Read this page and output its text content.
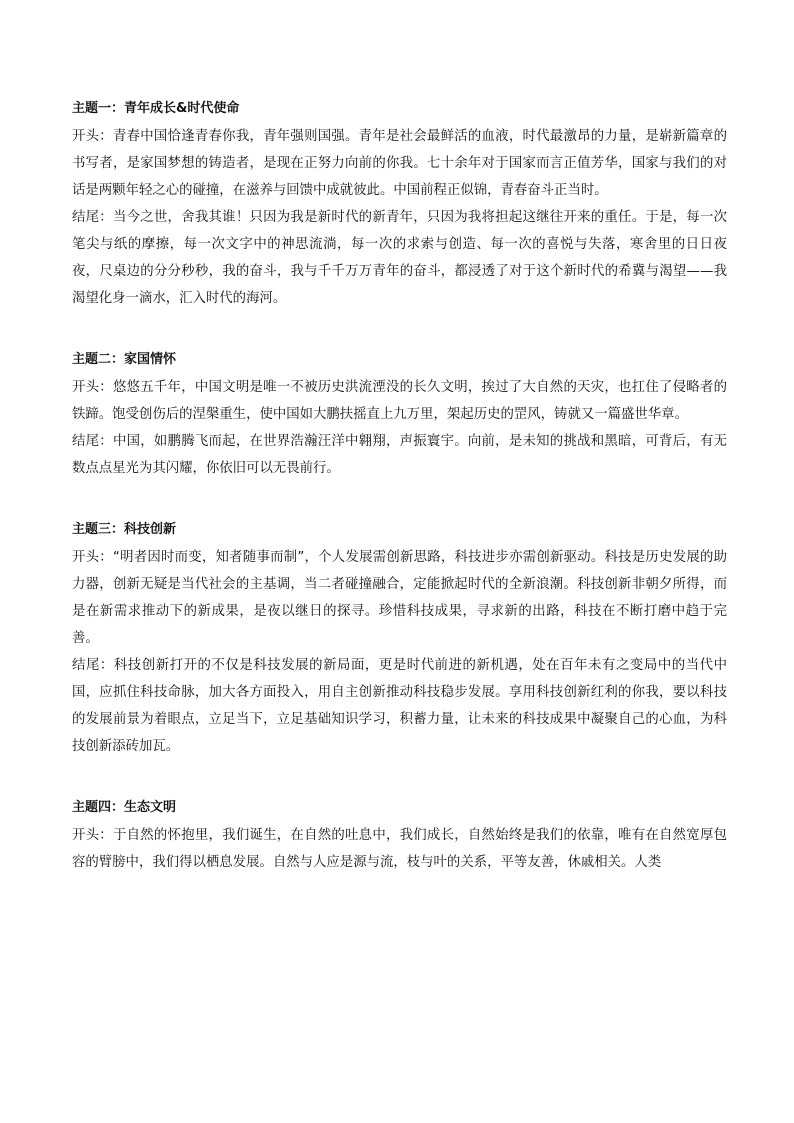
主题一：青年成长&时代使命

开头：青春中国恰逢青春你我，青年强则国强。青年是社会最鲜活的血液，时代最激昂的力量，是崭新篇章的书写者，是家国梦想的铸造者，是现在正努力向前的你我。七十余年对于国家而言正值芳华，国家与我们的对话是两颗年轻之心的碰撞，在滋养与回馈中成就彼此。中国前程正似锦，青春奋斗正当时。

结尾：当今之世，舍我其谁！只因为我是新时代的新青年，只因为我将担起这继往开来的重任。于是，每一次笔尖与纸的摩擦，每一次文字中的神思流淌，每一次的求索与创造、每一次的喜悦与失落，寒舍里的日日夜夜，尺桌边的分分秒秒，我的奋斗，我与千千万万青年的奋斗，都浸透了对于这个新时代的希冀与渴望——我渴望化身一滴水，汇入时代的海河。

主题二：家国情怀

开头：悠悠五千年，中国文明是唯一不被历史洪流湮没的长久文明，挨过了大自然的天灾，也扛住了侵略者的铁蹄。饱受创伤后的涅槃重生，使中国如大鹏扶摇直上九万里，架起历史的罡风，铸就又一篇盛世华章。

结尾：中国，如鹏腾飞而起，在世界浩瀚汪洋中翱翔，声振寰宇。向前，是未知的挑战和黑暗，可背后，有无数点点星光为其闪耀，你依旧可以无畏前行。

主题三：科技创新

开头：“明者因时而变，知者随事而制”，个人发展需创新思路，科技进步亦需创新驱动。科技是历史发展的助力器，创新无疑是当代社会的主基调，当二者碰撞融合，定能掀起时代的全新浪潮。科技创新非朝夕所得，而是在新需求推动下的新成果，是夜以继日的探寻。珍惜科技成果，寻求新的出路，科技在不断打磨中趋于完善。

结尾：科技创新打开的不仅是科技发展的新局面，更是时代前进的新机遇，处在百年未有之变局中的当代中国，应抓住科技命脉，加大各方面投入，用自主创新推动科技稳步发展。享用科技创新红利的你我，要以科技的发展前景为着眼点，立足当下，立足基础知识学习，积蓄力量，让未来的科技成果中凝聚自己的心血，为科技创新添砖加瓦。

主题四：生态文明

开头：于自然的怀抱里，我们诞生，在自然的吐息中，我们成长，自然始终是我们的依靠，唯有在自然宽厚包容的臂膀中，我们得以栖息发展。自然与人应是源与流，枝与叶的关系，平等友善，休戚相关。人类
